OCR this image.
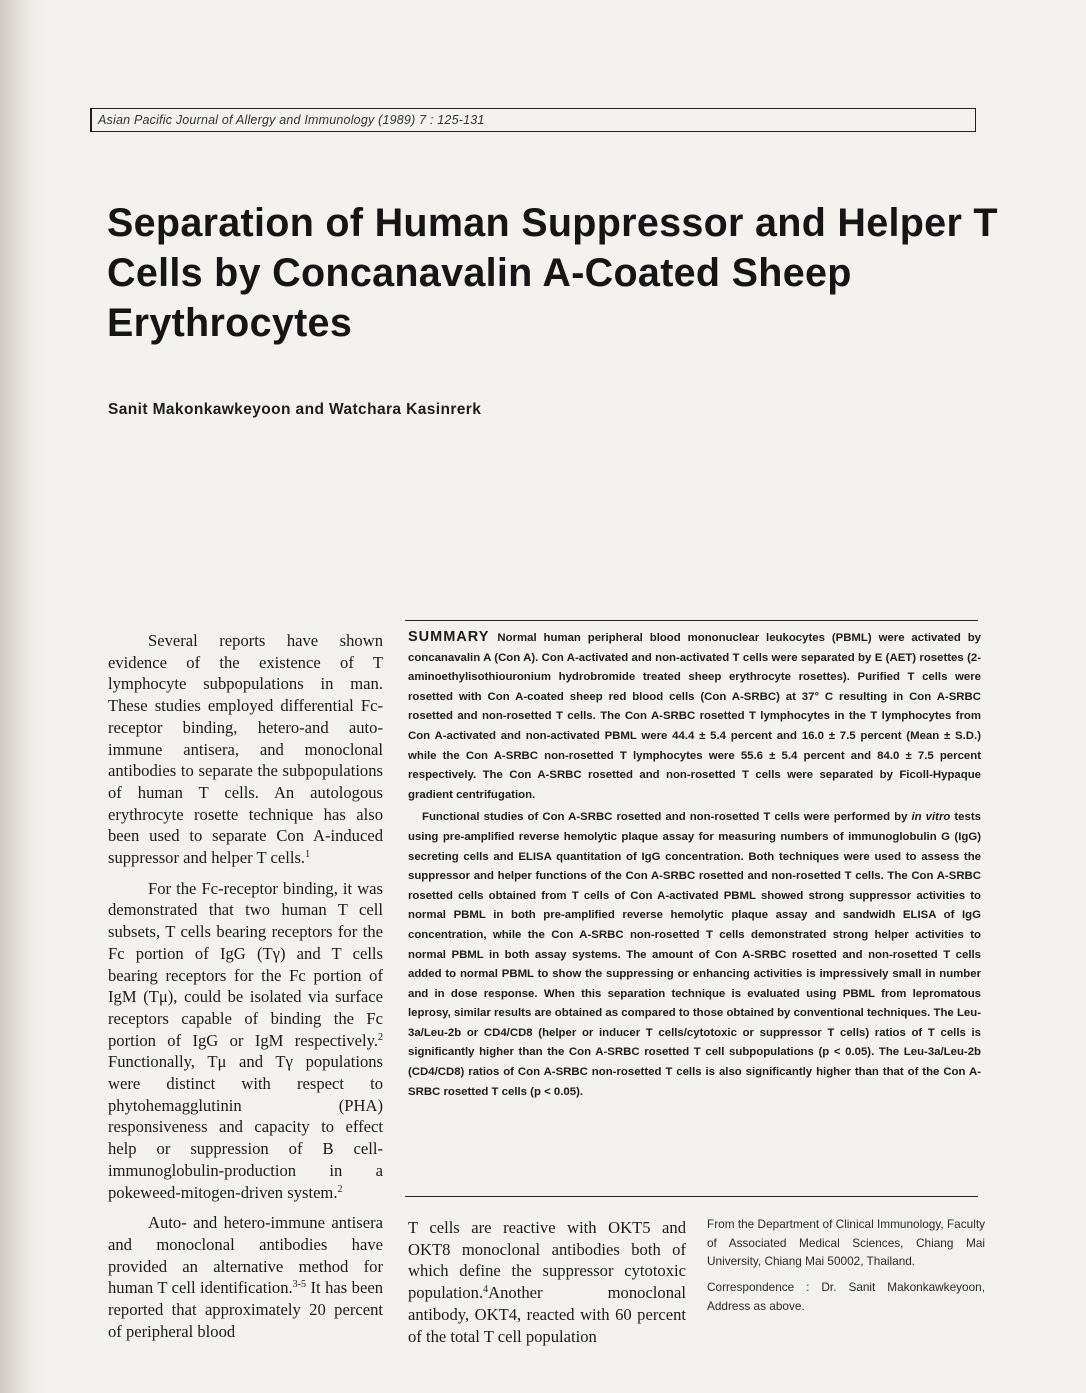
Asian Pacific Journal of Allergy and Immunology (1989) 7 : 125-131
Separation of Human Suppressor and Helper T Cells by Concanavalin A-Coated Sheep Erythrocytes
Sanit Makonkawkeyoon and Watchara Kasinrerk

Several reports have shown evidence of the existence of T lymphocyte subpopulations in man. These studies employed differential Fc-receptor binding, hetero-and auto-immune antisera, and monoclonal antibodies to separate the subpopulations of human T cells. An autologous erythrocyte rosette technique has also been used to separate Con A-induced suppressor and helper T cells.$^1$

For the Fc-receptor binding, it was demonstrated that two human T cell subsets, T cells bearing receptors for the Fc portion of IgG (Tγ) and T cells bearing receptors for the Fc portion of IgM (Tμ), could be isolated via surface receptors capable of binding the Fc portion of IgG or IgM respectively.$^2$ Functionally, Tμ and Tγ populations were distinct with respect to phytohemagglutinin (PHA) responsiveness and capacity to effect help or suppression of B cell-immunoglobulin-production in a pokeweed-mitogen-driven system.$^2$

Auto- and hetero-immune antisera and monoclonal antibodies have provided an alternative method for human T cell identification.$^{3-5}$ It has been reported that approximately 20 percent of peripheral blood

SUMMARY Normal human peripheral blood mononuclear leukocytes (PBML) were activated by concanavalin A (Con A). Con A-activated and non-activated T cells were separated by E (AET) rosettes (2-aminoethylisothiouronium hydrobromide treated sheep erythrocyte rosettes). Purified T cells were rosetted with Con A-coated sheep red blood cells (Con A-SRBC) at 37° C resulting in Con A-SRBC rosetted and non-rosetted T cells. The Con A-SRBC rosetted T lymphocytes in the T lymphocytes from Con A-activated and non-activated PBML were 44.4 ± 5.4 percent and 16.0 ± 7.5 percent (Mean ± S.D.) while the Con A-SRBC non-rosetted T lymphocytes were 55.6 ± 5.4 percent and 84.0 ± 7.5 percent respectively. The Con A-SRBC rosetted and non-rosetted T cells were separated by Ficoll-Hypaque gradient centrifugation.

Functional studies of Con A-SRBC rosetted and non-rosetted T cells were performed by in vitro tests using pre-amplified reverse hemolytic plaque assay for measuring numbers of immunoglobulin G (IgG) secreting cells and ELISA quantitation of IgG concentration. Both techniques were used to assess the suppressor and helper functions of the Con A-SRBC rosetted and non-rosetted T cells. The Con A-SRBC rosetted cells obtained from T cells of Con A-activated PBML showed strong suppressor activities to normal PBML in both pre-amplified reverse hemolytic plaque assay and sandwidh ELISA of IgG concentration, while the Con A-SRBC non-rosetted T cells demonstrated strong helper activities to normal PBML in both assay systems. The amount of Con A-SRBC rosetted and non-rosetted T cells added to normal PBML to show the suppressing or enhancing activities is impressively small in number and in dose response. When this separation technique is evaluated using PBML from lepromatous leprosy, similar results are obtained as compared to those obtained by conventional techniques. The Leu-3a/Leu-2b or CD4/CD8 (helper or inducer T cells/cytotoxic or suppressor T cells) ratios of T cells is significantly higher than the Con A-SRBC rosetted T cell subpopulations (p < 0.05). The Leu-3a/Leu-2b (CD4/CD8) ratios of Con A-SRBC non-rosetted T cells is also significantly higher than that of the Con A-SRBC rosetted T cells (p < 0.05).

T cells are reactive with OKT5 and OKT8 monoclonal antibodies both of which define the suppressor cytotoxic population.$^4$Another monoclonal antibody, OKT4, reacted with 60 percent of the total T cell population

From the Department of Clinical Immunology, Faculty of Associated Medical Sciences, Chiang Mai University, Chiang Mai 50002, Thailand.

Correspondence : Dr. Sanit Makonkawkeyoon, Address as above.
